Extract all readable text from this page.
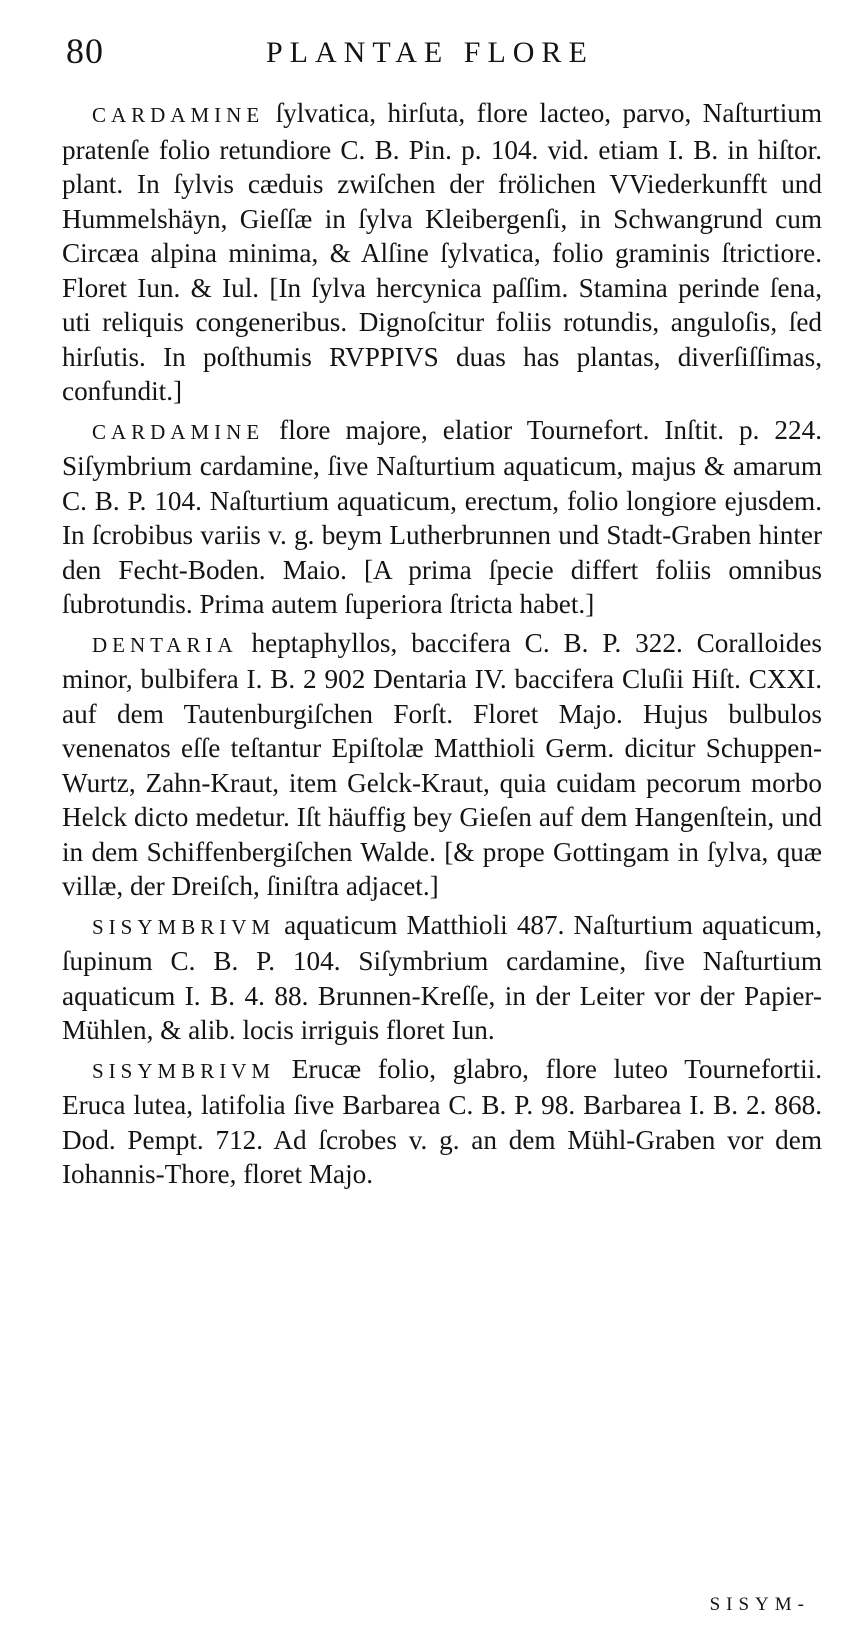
80	PLANTAE FLORE

CARDAMINE ſylvatica, hirſuta, flore lacteo, parvo, Naſturtium pratenſe folio retundiore C. B. Pin. p. 104. vid. etiam I. B. in hiſtor. plant. In ſylvis cæduis zwiſchen der frölichen VViederkunfft und Hummelshäyn, Gieſſæ in ſylva Kleibergenſi, in Schwangrund cum Circæa alpina minima, & Alſine ſylvatica, folio graminis ſtrictiore. Floret Iun. & Iul. [In ſylva hercynica paſſim. Stamina perinde ſena, uti reliquis congeneribus. Dignoſcitur foliis rotundis, anguloſis, ſed hirſutis. In poſthumis RVPPIVS duas has plantas, diverſiſſimas, confundit.]

CARDAMINE flore majore, elatior Tournefort. Inſtit. p. 224. Siſymbrium cardamine, ſive Naſturtium aquaticum, majus & amarum C. B. P. 104. Naſturtium aquaticum, erectum, folio longiore ejusdem. In ſcrobibus variis v. g. beym Lutherbrunnen und Stadt-Graben hinter den Fecht-Boden. Maio. [A prima ſpecie differt foliis omnibus ſubrotundis. Prima autem ſuperiora ſtricta habet.]

DENTARIA heptaphyllos, baccifera C. B. P. 322. Coralloides minor, bulbifera I. B. 2 902 Dentaria IV. baccifera Cluſii Hiſt. CXXI. auf dem Tautenburgiſchen Forſt. Floret Majo. Hujus bulbulos venenatos eſſe teſtantur Epiſtolæ Matthioli Germ. dicitur Schuppen-Wurtz, Zahn-Kraut, item Gelck-Kraut, quia cuidam pecorum morbo Helck dicto medetur. Iſt häuffig bey Gieſen auf dem Hangenſtein, und in dem Schiffenbergiſchen Walde. [& prope Gottingam in ſylva, quæ villæ, der Dreiſch, ſiniſtra adjacet.]

SISYMBRIVM aquaticum Matthioli 487. Naſturtium aquaticum, ſupinum C. B. P. 104. Siſymbrium cardamine, ſive Naſturtium aquaticum I. B. 4. 88. Brunnen-Kreſſe, in der Leiter vor der Papier-Mühlen, & alib. locis irriguis floret Iun.

SISYMBRIVM Erucæ folio, glabro, flore luteo Tournefortii. Eruca lutea, latifolia ſive Barbarea C. B. P. 98. Barbarea I. B. 2. 868. Dod. Pempt. 712. Ad ſcrobes v. g. an dem Mühl-Graben vor dem Iohannis-Thore, floret Majo.

SISYM-
